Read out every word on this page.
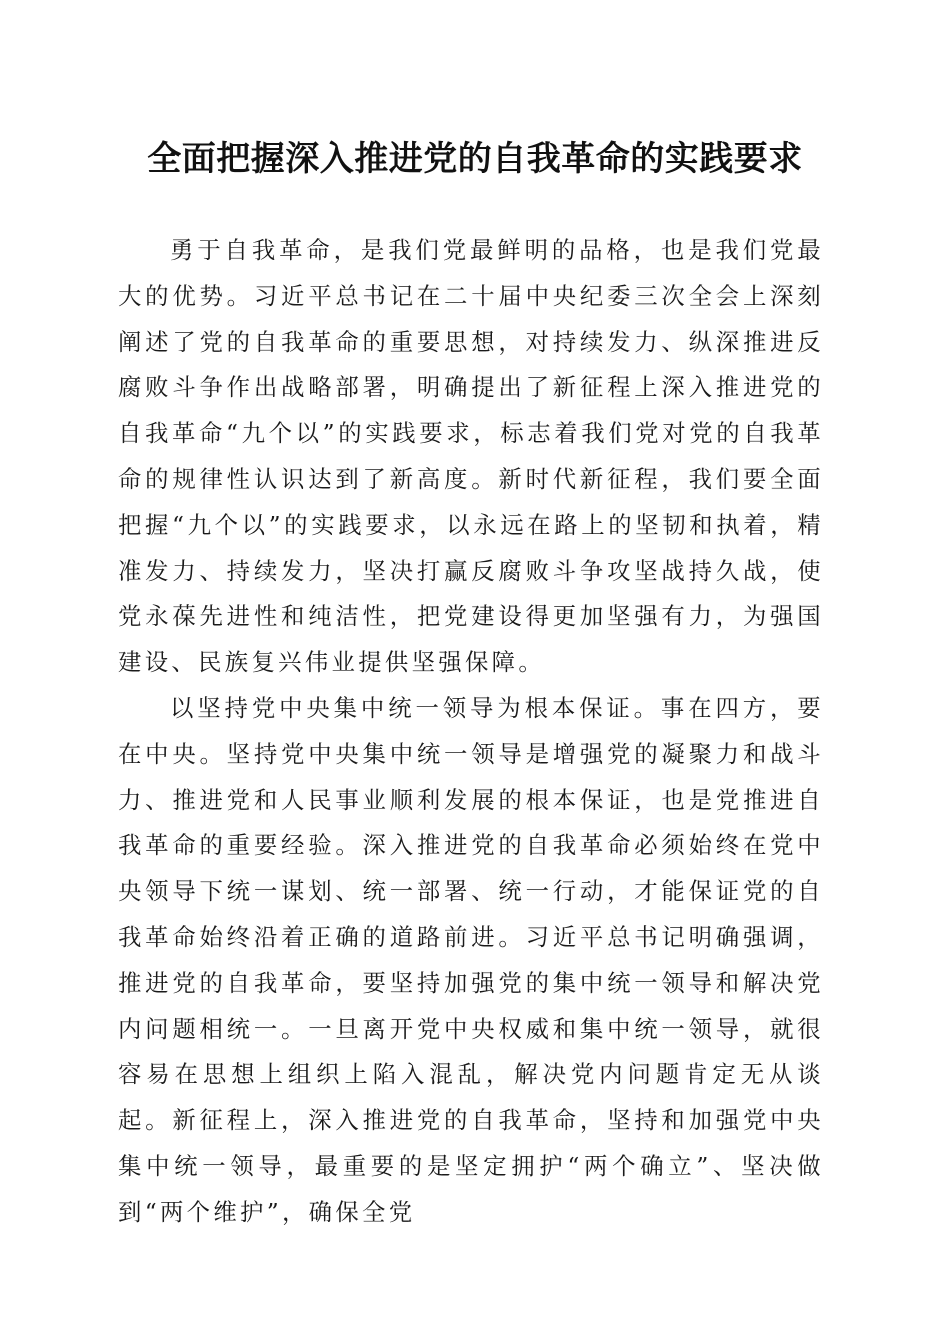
全面把握深入推进党的自我革命的实践要求

勇于自我革命，是我们党最鲜明的品格，也是我们党最大的优势。习近平总书记在二十届中央纪委三次全会上深刻阐述了党的自我革命的重要思想，对持续发力、纵深推进反腐败斗争作出战略部署，明确提出了新征程上深入推进党的自我革命“九个以”的实践要求，标志着我们党对党的自我革命的规律性认识达到了新高度。新时代新征程，我们要全面把握“九个以”的实践要求，以永远在路上的坚韧和执着，精准发力、持续发力，坚决打赢反腐败斗争攻坚战持久战，使党永葆先进性和纯洁性，把党建设得更加坚强有力，为强国建设、民族复兴伟业提供坚强保障。

以坚持党中央集中统一领导为根本保证。事在四方，要在中央。坚持党中央集中统一领导是增强党的凝聚力和战斗力、推进党和人民事业顺利发展的根本保证，也是党推进自我革命的重要经验。深入推进党的自我革命必须始终在党中央领导下统一谋划、统一部署、统一行动，才能保证党的自我革命始终沿着正确的道路前进。习近平总书记明确强调，推进党的自我革命，要坚持加强党的集中统一领导和解决党内问题相统一。一旦离开党中央权威和集中统一领导，就很容易在思想上组织上陷入混乱，解决党内问题肯定无从谈起。新征程上，深入推进党的自我革命，坚持和加强党中央集中统一领导，最重要的是坚定拥护“两个确立”、坚决做到“两个维护”，确保全党
